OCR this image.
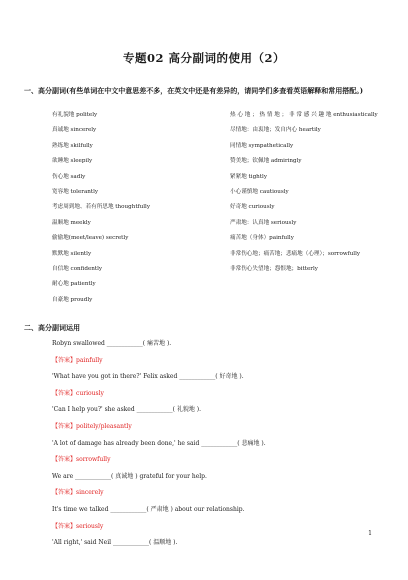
专题02 高分副词的使用（2）
一、高分副词(有些单词在中文中意思差不多，在英文中还是有差异的，请同学们多查看英语解释和常用搭配。)
有礼貌地 politely
真诚地 sincerely
熟练地 skilfully
欲睡地 sleepily
伤心地 sadly
宽容地 tolerantly
考虑周到地、若有所思地 thoughtfully
温顺地 meekly
偷偷地(meet/leave) secretly
默默地 silently
自信地 confidently
耐心地 patiently
自豪地 proudly
热 心 地 ； 热 情 地 ； 非 常 感 兴 趣 地 enthusiastically
尽情地：由衷地；发自内心 heartily
同情地 sympathetically
赞美地；钦佩地 admiringly
紧紧地 tightly
小心谨慎地 cautiously
好奇地 curiously
严肃地：认真地 seriously
痛苦地（身体）painfully
非常伤心地；痛苦地；悲痛地（心理）；sorrowfully
非常伤心失望地；怨恨地；bitterly
二、高分副词运用
Robyn swallowed ____________( 痛苦地 ).
【答案】painfully
'What have you got in there?' Felix asked ____________( 好奇地 ).
【答案】curiously
'Can I help you?' she asked ____________( 礼貌地 ).
【答案】politely/pleasantly
'A lot of damage has already been done,' he said ____________( 悲痛地 ).
【答案】sorrowfully
We are ____________( 真诚地 ) grateful for your help.
【答案】sincerely
It's time we talked ____________( 严肃地 ) about our relationship.
【答案】seriously
'All right,' said Neil ____________( 温顺地 ).
1
